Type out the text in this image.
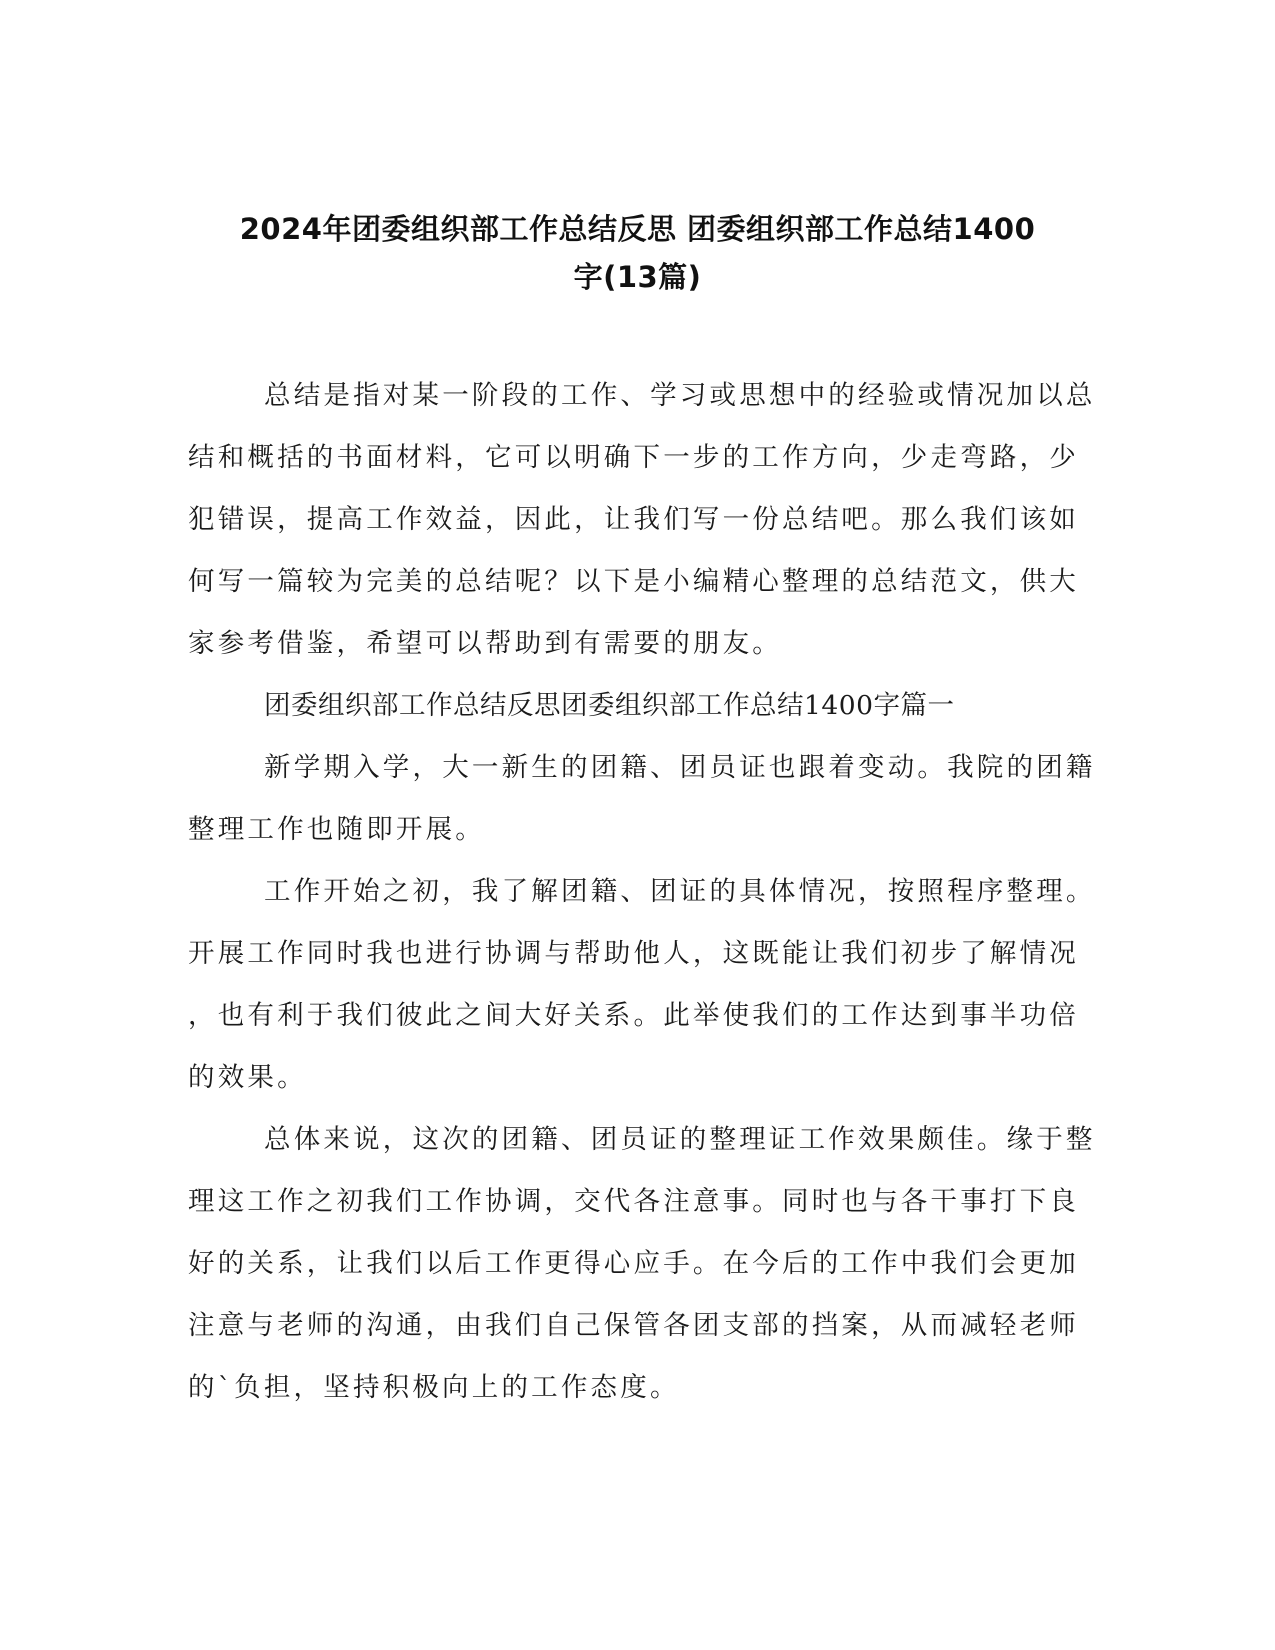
2024年团委组织部工作总结反思 团委组织部工作总结1400
字(13篇)

总结是指对某一阶段的工作、学习或思想中的经验或情况加以总
结和概括的书面材料，它可以明确下一步的工作方向，少走弯路，少
犯错误，提高工作效益，因此，让我们写一份总结吧。那么我们该如
何写一篇较为完美的总结呢？以下是小编精心整理的总结范文，供大
家参考借鉴，希望可以帮助到有需要的朋友。

团委组织部工作总结反思团委组织部工作总结1400字篇一

新学期入学，大一新生的团籍、团员证也跟着变动。我院的团籍
整理工作也随即开展。

工作开始之初，我了解团籍、团证的具体情况，按照程序整理。
开展工作同时我也进行协调与帮助他人，这既能让我们初步了解情况
，也有利于我们彼此之间大好关系。此举使我们的工作达到事半功倍
的效果。

总体来说，这次的团籍、团员证的整理证工作效果颇佳。缘于整
理这工作之初我们工作协调，交代各注意事。同时也与各干事打下良
好的关系，让我们以后工作更得心应手。在今后的工作中我们会更加
注意与老师的沟通，由我们自己保管各团支部的挡案，从而减轻老师
的`负担，坚持积极向上的工作态度。
